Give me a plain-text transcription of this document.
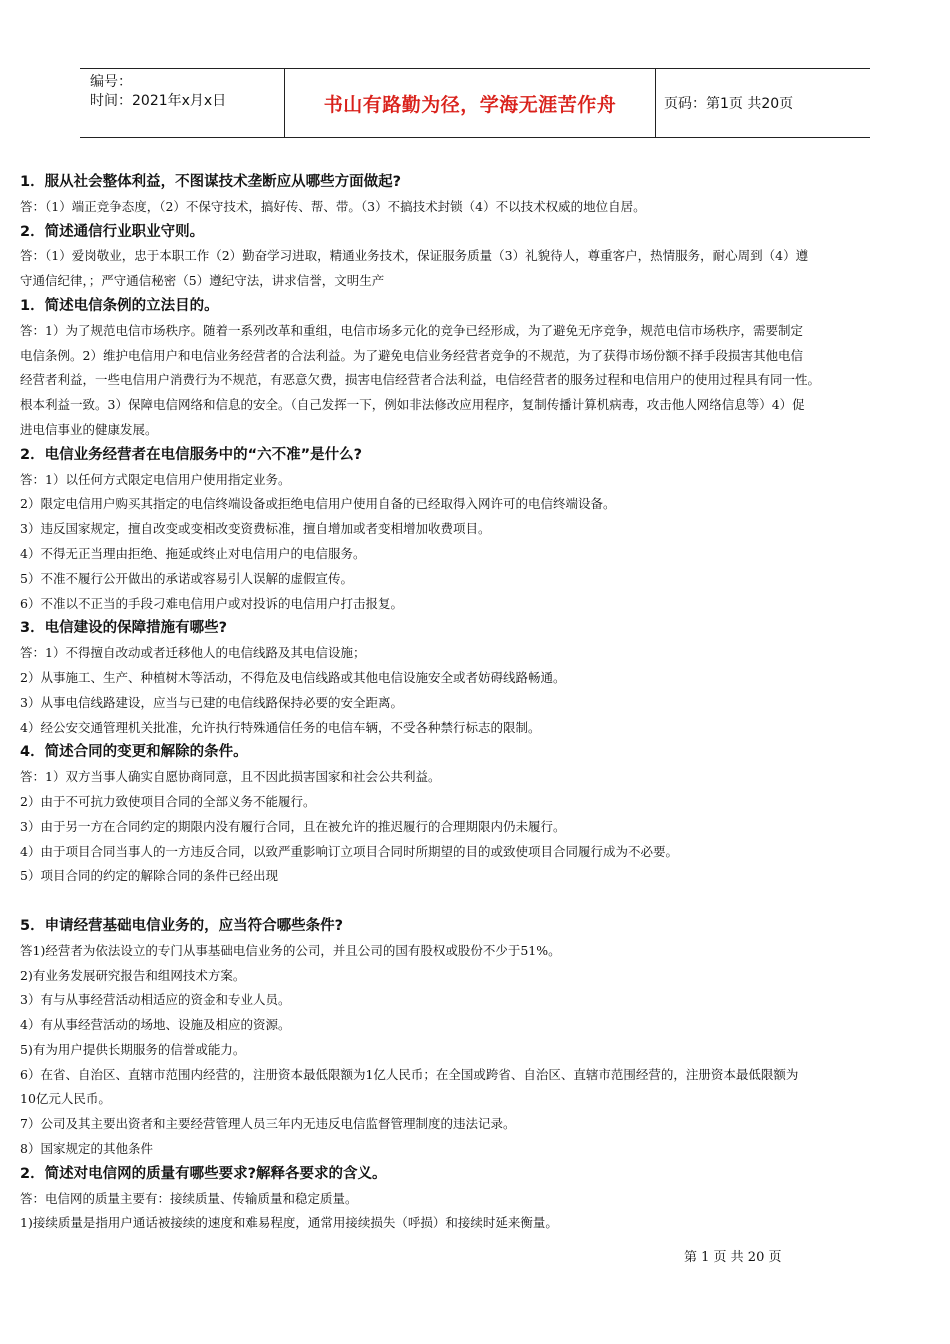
编号：
时间：2021年x月x日	书山有路勤为径，学海无涯苦作舟	页码：第1页 共20页
1．服从社会整体利益，不图谋技术垄断应从哪些方面做起?
答：（1）端正竞争态度，（2）不保守技术，搞好传、帮、带。（3）不搞技术封锁（4）不以技术权威的地位自居。
2．简述通信行业职业守则。
答：（1）爱岗敬业，忠于本职工作（2）勤奋学习进取，精通业务技术，保证服务质量（3）礼貌待人，尊重客户，热情服务，耐心周到（4）遵
守通信纪律，；严守通信秘密（5）遵纪守法，讲求信誉，文明生产
1．简述电信条例的立法目的。
答：1）为了规范电信市场秩序。随着一系列改革和重组，电信市场多元化的竞争已经形成，为了避免无序竞争，规范电信市场秩序，需要制定
电信条例。2）维护电信用户和电信业务经营者的合法利益。为了避免电信业务经营者竞争的不规范，为了获得市场份额不择手段损害其他电信
经营者利益，一些电信用户消费行为不规范，有恶意欠费，损害电信经营者合法利益，电信经营者的服务过程和电信用户的使用过程具有同一性。
根本利益一致。3）保障电信网络和信息的安全。（自己发挥一下，例如非法修改应用程序，复制传播计算机病毒，攻击他人网络信息等）4）促
进电信事业的健康发展。
2．电信业务经营者在电信服务中的“六不准”是什么?
答：1）以任何方式限定电信用户使用指定业务。
2）限定电信用户购买其指定的电信终端设备或拒绝电信用户使用自备的已经取得入网许可的电信终端设备。
3）违反国家规定，擅自改变或变相改变资费标准，擅自增加或者变相增加收费项目。
4）不得无正当理由拒绝、拖延或终止对电信用户的电信服务。
5）不准不履行公开做出的承诺或容易引人误解的虚假宣传。
6）不准以不正当的手段刁难电信用户或对投诉的电信用户打击报复。
3．电信建设的保障措施有哪些?
答：1）不得擅自改动或者迁移他人的电信线路及其电信设施；
2）从事施工、生产、种植树木等活动，不得危及电信线路或其他电信设施安全或者妨碍线路畅通。
3）从事电信线路建设，应当与已建的电信线路保持必要的安全距离。
4）经公安交通管理机关批准，允许执行特殊通信任务的电信车辆，不受各种禁行标志的限制。
4．简述合同的变更和解除的条件。
答：1）双方当事人确实自愿协商同意，且不因此损害国家和社会公共利益。
2）由于不可抗力致使项目合同的全部义务不能履行。
3）由于另一方在合同约定的期限内没有履行合同，且在被允许的推迟履行的合理期限内仍未履行。
4）由于项目合同当事人的一方违反合同，以致严重影响订立项目合同时所期望的目的或致使项目合同履行成为不必要。
5）项目合同的约定的解除合同的条件已经出现
5．申请经营基础电信业务的，应当符合哪些条件?
答1)经营者为依法设立的专门从事基础电信业务的公司，并且公司的国有股权或股份不少于51%。
2)有业务发展研究报告和组网技术方案。
3）有与从事经营活动相适应的资金和专业人员。
4）有从事经营活动的场地、设施及相应的资源。
5)有为用户提供长期服务的信誉或能力。
6）在省、自治区、直辖市范围内经营的，注册资本最低限额为1亿人民币；在全国或跨省、自治区、直辖市范围经营的，注册资本最低限额为
10亿元人民币。
7）公司及其主要出资者和主要经营管理人员三年内无违反电信监督管理制度的违法记录。
8）国家规定的其他条件
2．简述对电信网的质量有哪些要求?解释各要求的含义。
答：电信网的质量主要有：接续质量、传输质量和稳定质量。
1)接续质量是指用户通话被接续的速度和难易程度，通常用接续损失（呼损）和接续时延来衡量。
第 1 页 共 20 页
